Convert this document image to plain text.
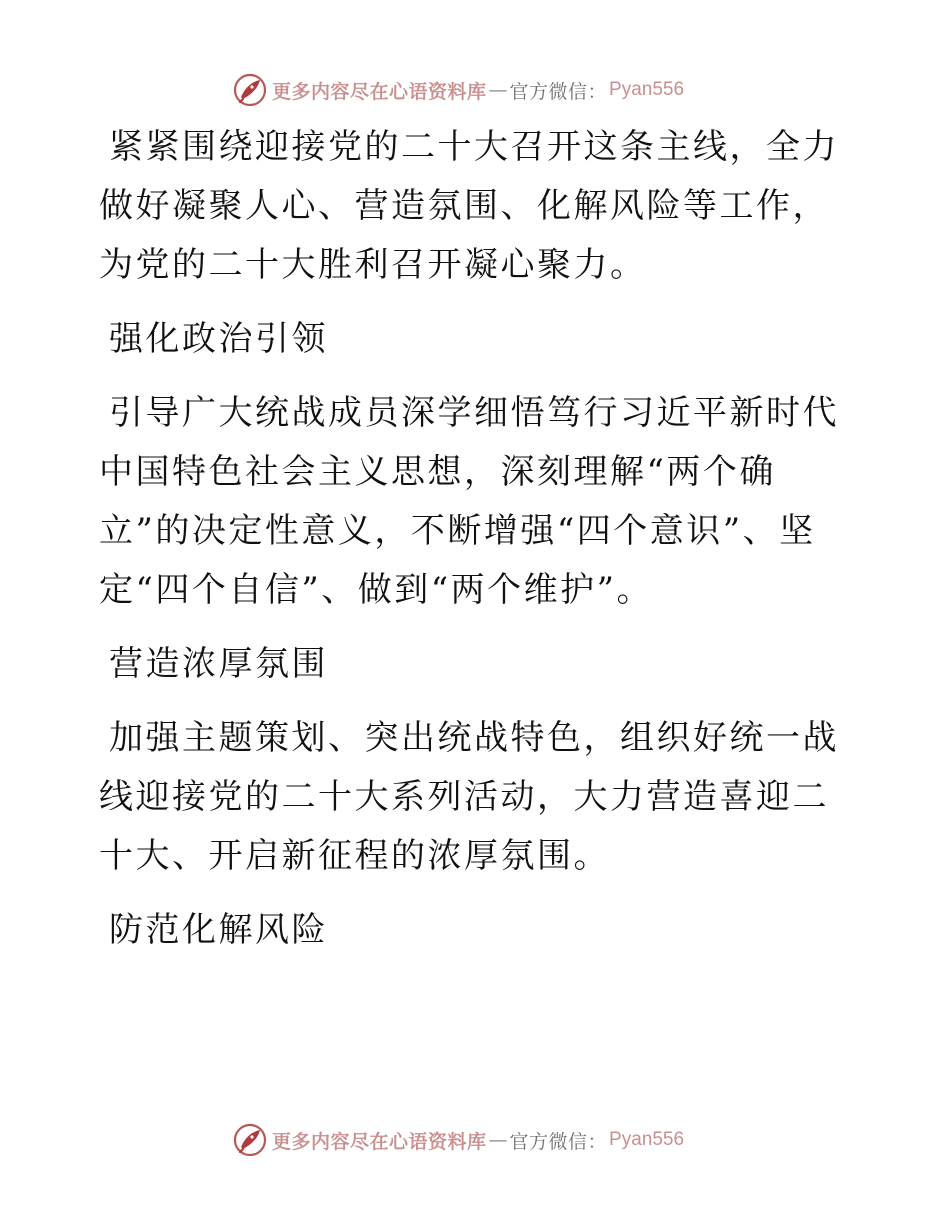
更多内容尽在心语资料库 — 官方微信： Pyan556

紧紧围绕迎接党的二十大召开这条主线，全力做好凝聚人心、营造氛围、化解风险等工作，为党的二十大胜利召开凝心聚力。

强化政治引领

引导广大统战成员深学细悟笃行习近平新时代中国特色社会主义思想，深刻理解“两个确立”的决定性意义，不断增强“四个意识”、坚定“四个自信”、做到“两个维护”。

营造浓厚氛围

加强主题策划、突出统战特色，组织好统一战线迎接党的二十大系列活动，大力营造喜迎二十大、开启新征程的浓厚氛围。

防范化解风险

更多内容尽在心语资料库 — 官方微信： Pyan556
